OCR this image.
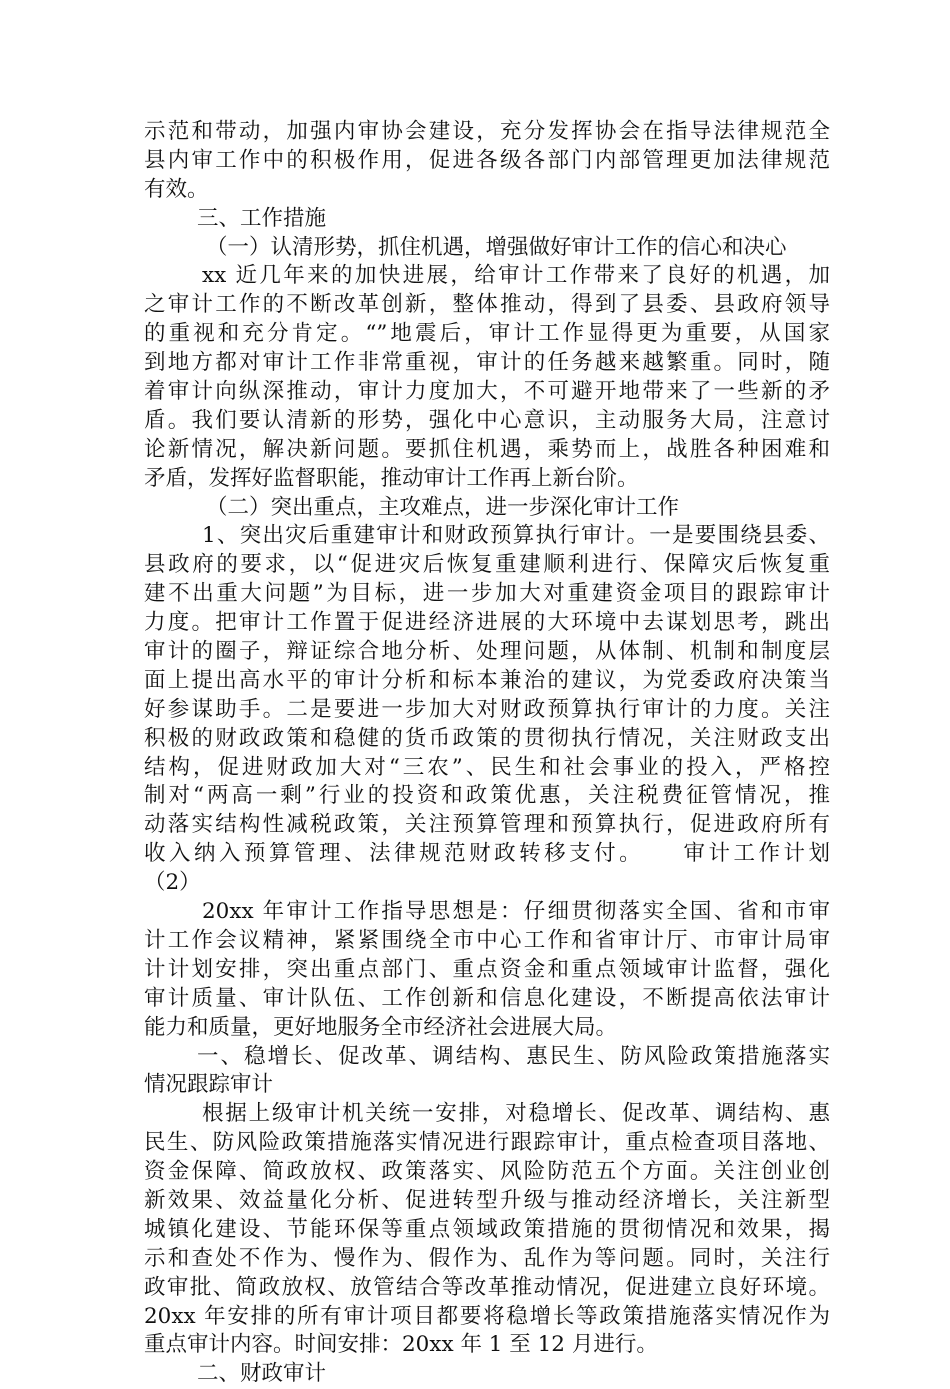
示范和带动，加强内审协会建设，充分发挥协会在指导法律规范全
县内审工作中的积极作用，促进各级各部门内部管理更加法律规范
有效。
三、工作措施
（一）认清形势，抓住机遇，增强做好审计工作的信心和决心
xx 近几年来的加快进展，给审计工作带来了良好的机遇，加
之审计工作的不断改革创新，整体推动，得到了县委、县政府领导
的重视和充分肯定。“”地震后，审计工作显得更为重要，从国家
到地方都对审计工作非常重视，审计的任务越来越繁重。同时，随
着审计向纵深推动，审计力度加大，不可避开地带来了一些新的矛
盾。我们要认清新的形势，强化中心意识，主动服务大局，注意讨
论新情况，解决新问题。要抓住机遇，乘势而上，战胜各种困难和
矛盾，发挥好监督职能，推动审计工作再上新台阶。
（二）突出重点，主攻难点，进一步深化审计工作
1、突出灾后重建审计和财政预算执行审计。一是要围绕县委、
县政府的要求，以“促进灾后恢复重建顺利进行、保障灾后恢复重
建不出重大问题”为目标，进一步加大对重建资金项目的跟踪审计
力度。把审计工作置于促进经济进展的大环境中去谋划思考，跳出
审计的圈子，辩证综合地分析、处理问题，从体制、机制和制度层
面上提出高水平的审计分析和标本兼治的建议，为党委政府决策当
好参谋助手。二是要进一步加大对财政预算执行审计的力度。关注
积极的财政政策和稳健的货币政策的贯彻执行情况，关注财政支出
结构，促进财政加大对“三农”、民生和社会事业的投入，严格控
制对“两高一剩”行业的投资和政策优惠，关注税费征管情况，推
动落实结构性减税政策，关注预算管理和预算执行，促进政府所有
收入纳入预算管理、法律规范财政转移支付。　　审计工作计划
（2）
20xx 年审计工作指导思想是：仔细贯彻落实全国、省和市审
计工作会议精神，紧紧围绕全市中心工作和省审计厅、市审计局审
计计划安排，突出重点部门、重点资金和重点领域审计监督，强化
审计质量、审计队伍、工作创新和信息化建设，不断提高依法审计
能力和质量，更好地服务全市经济社会进展大局。
一、稳增长、促改革、调结构、惠民生、防风险政策措施落实
情况跟踪审计
根据上级审计机关统一安排，对稳增长、促改革、调结构、惠
民生、防风险政策措施落实情况进行跟踪审计，重点检查项目落地、
资金保障、简政放权、政策落实、风险防范五个方面。关注创业创
新效果、效益量化分析、促进转型升级与推动经济增长，关注新型
城镇化建设、节能环保等重点领域政策措施的贯彻情况和效果，揭
示和查处不作为、慢作为、假作为、乱作为等问题。同时，关注行
政审批、简政放权、放管结合等改革推动情况，促进建立良好环境。
20xx 年安排的所有审计项目都要将稳增长等政策措施落实情况作为
重点审计内容。时间安排：20xx 年 1 至 12 月进行。
二、财政审计
